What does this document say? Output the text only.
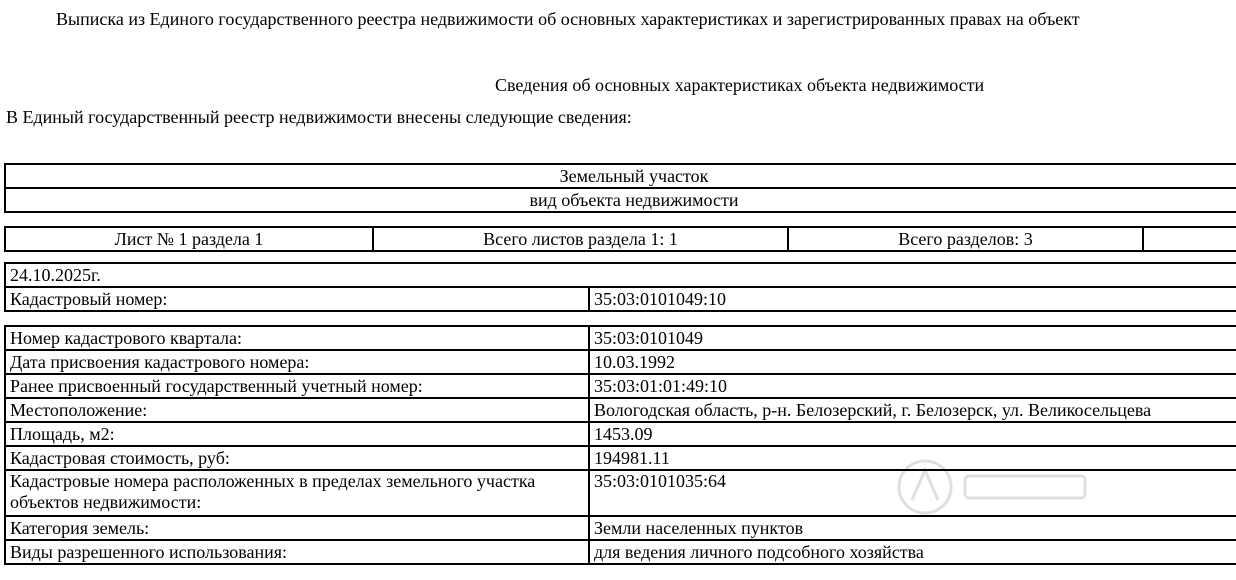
Выписка из Единого государственного реестра недвижимости об основных характеристиках и зарегистрированных правах на объект
Сведения об основных характеристиках объекта недвижимости
В Единый государственный реестр недвижимости внесены следующие сведения:
Земельный участок
вид объекта недвижимости
Лист № 1 раздела 1	Всего листов раздела 1: 1	Всего разделов: 3	
24.10.2025г.
Кадастровый номер:	35:03:0101049:10
Номер кадастрового квартала:	35:03:0101049
Дата присвоения кадастрового номера:	10.03.1992
Ранее присвоенный государственный учетный номер:	35:03:01:01:49:10
Местоположение:	Вологодская область, р-н. Белозерский, г. Белозерск, ул. Великосельцева
Площадь, м2:	1453.09
Кадастровая стоимость, руб:	194981.11
Кадастровые номера расположенных в пределах земельного участка объектов недвижимости:	35:03:0101035:64
Категория земель:	Земли населенных пунктов
Виды разрешенного использования:	для ведения личного подсобного хозяйства
